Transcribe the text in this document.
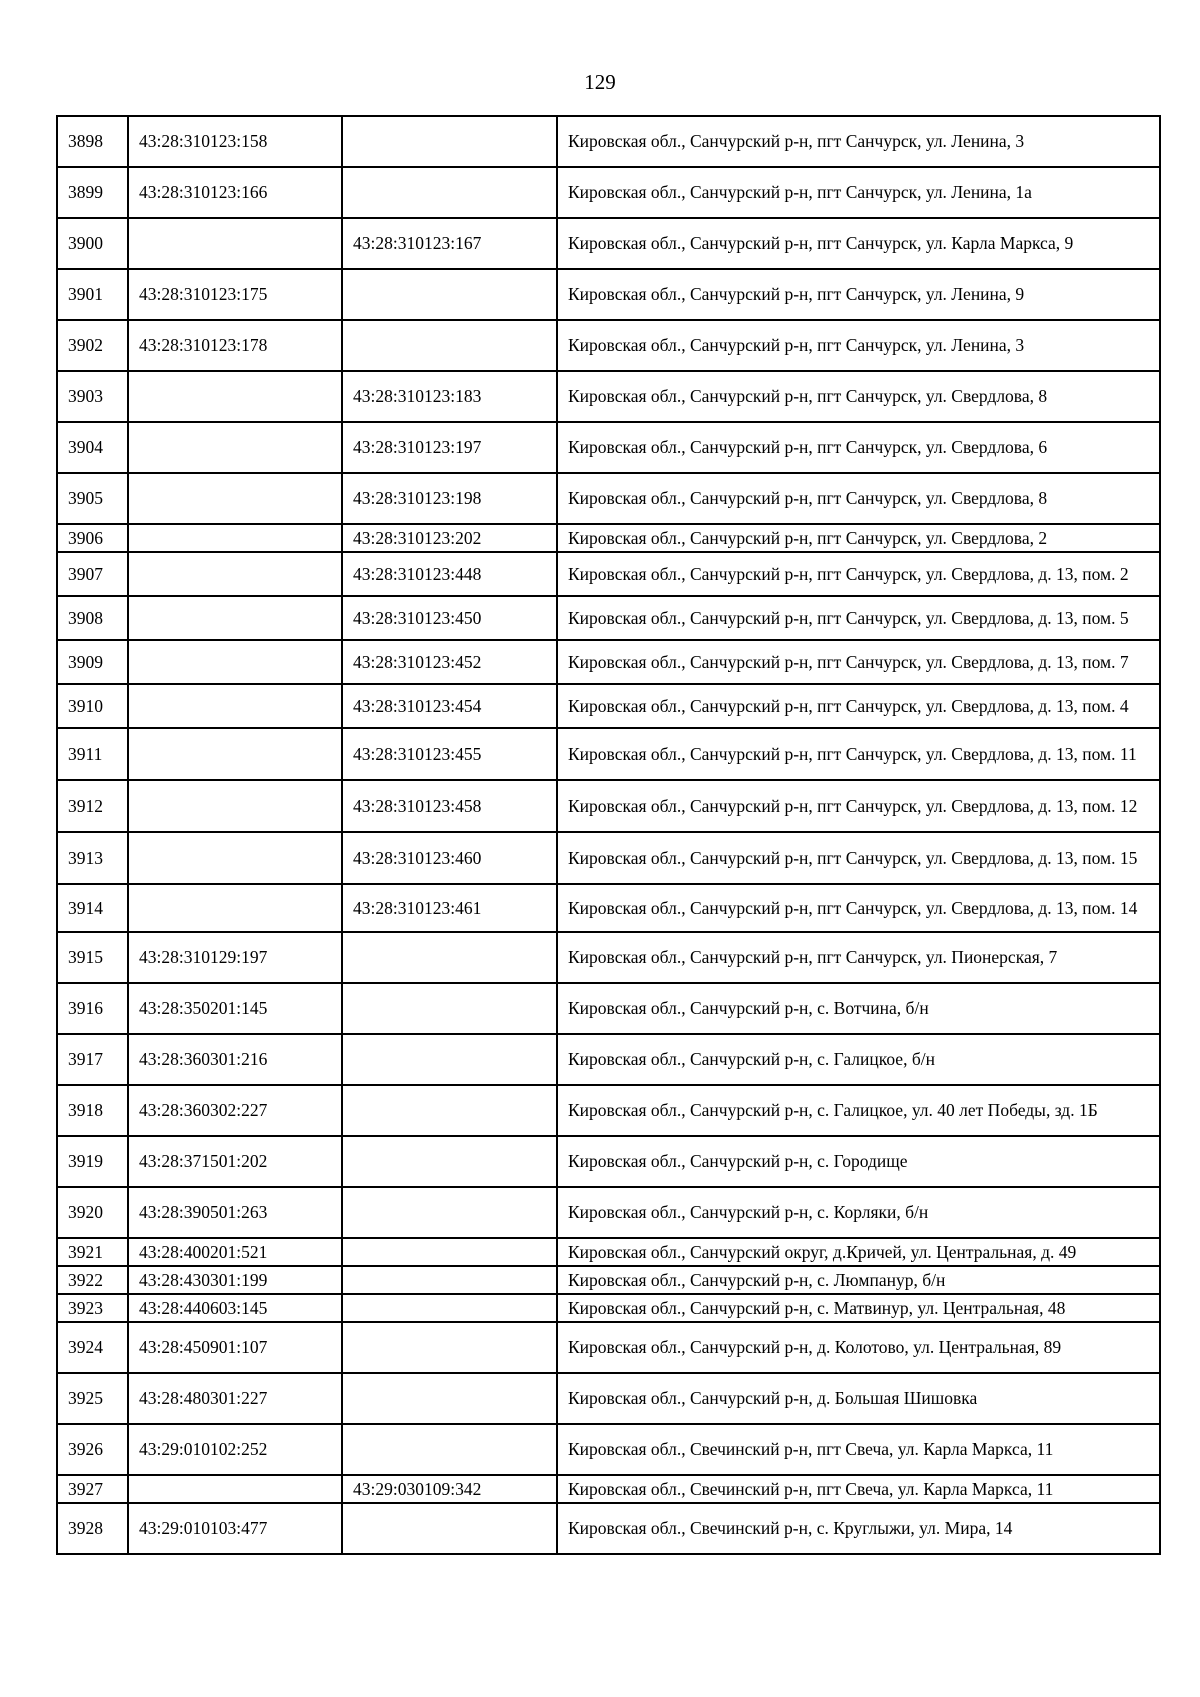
129
3898	43:28:310123:158		Кировская обл., Санчурский р-н, пгт Санчурск, ул. Ленина, 3
3899	43:28:310123:166		Кировская обл., Санчурский р-н, пгт Санчурск, ул. Ленина, 1а
3900		43:28:310123:167	Кировская обл., Санчурский р-н, пгт Санчурск, ул. Карла Маркса, 9
3901	43:28:310123:175		Кировская обл., Санчурский р-н, пгт Санчурск, ул. Ленина, 9
3902	43:28:310123:178		Кировская обл., Санчурский р-н, пгт Санчурск, ул. Ленина, 3
3903		43:28:310123:183	Кировская обл., Санчурский р-н, пгт Санчурск, ул. Свердлова, 8
3904		43:28:310123:197	Кировская обл., Санчурский р-н, пгт Санчурск, ул. Свердлова, 6
3905		43:28:310123:198	Кировская обл., Санчурский р-н, пгт Санчурск, ул. Свердлова, 8
3906		43:28:310123:202	Кировская обл., Санчурский р-н, пгт Санчурск, ул. Свердлова, 2
3907		43:28:310123:448	Кировская обл., Санчурский р-н, пгт Санчурск, ул. Свердлова, д. 13, пом. 2
3908		43:28:310123:450	Кировская обл., Санчурский р-н, пгт Санчурск, ул. Свердлова, д. 13, пом. 5
3909		43:28:310123:452	Кировская обл., Санчурский р-н, пгт Санчурск, ул. Свердлова, д. 13, пом. 7
3910		43:28:310123:454	Кировская обл., Санчурский р-н, пгт Санчурск, ул. Свердлова, д. 13, пом. 4
3911		43:28:310123:455	Кировская обл., Санчурский р-н, пгт Санчурск, ул. Свердлова, д. 13, пом. 11
3912		43:28:310123:458	Кировская обл., Санчурский р-н, пгт Санчурск, ул. Свердлова, д. 13, пом. 12
3913		43:28:310123:460	Кировская обл., Санчурский р-н, пгт Санчурск, ул. Свердлова, д. 13, пом. 15
3914		43:28:310123:461	Кировская обл., Санчурский р-н, пгт Санчурск, ул. Свердлова, д. 13, пом. 14
3915	43:28:310129:197		Кировская обл., Санчурский р-н, пгт Санчурск, ул. Пионерская, 7
3916	43:28:350201:145		Кировская обл., Санчурский р-н, с. Вотчина, б/н
3917	43:28:360301:216		Кировская обл., Санчурский р-н, с. Галицкое, б/н
3918	43:28:360302:227		Кировская обл., Санчурский р-н, с. Галицкое, ул. 40 лет Победы, зд. 1Б
3919	43:28:371501:202		Кировская обл., Санчурский р-н, с. Городище
3920	43:28:390501:263		Кировская обл., Санчурский р-н, с. Корляки, б/н
3921	43:28:400201:521		Кировская обл., Санчурский округ, д.Кричей, ул. Центральная, д. 49
3922	43:28:430301:199		Кировская обл., Санчурский р-н, с. Люмпанур, б/н
3923	43:28:440603:145		Кировская обл., Санчурский р-н, с. Матвинур, ул. Центральная, 48
3924	43:28:450901:107		Кировская обл., Санчурский р-н, д. Колотово, ул. Центральная, 89
3925	43:28:480301:227		Кировская обл., Санчурский р-н, д. Большая Шишовка
3926	43:29:010102:252		Кировская обл., Свечинский р-н, пгт Свеча, ул. Карла Маркса, 11
3927		43:29:030109:342	Кировская обл., Свечинский р-н, пгт Свеча, ул. Карла Маркса, 11
3928	43:29:010103:477		Кировская обл., Свечинский р-н, с. Круглыжи, ул. Мира, 14
